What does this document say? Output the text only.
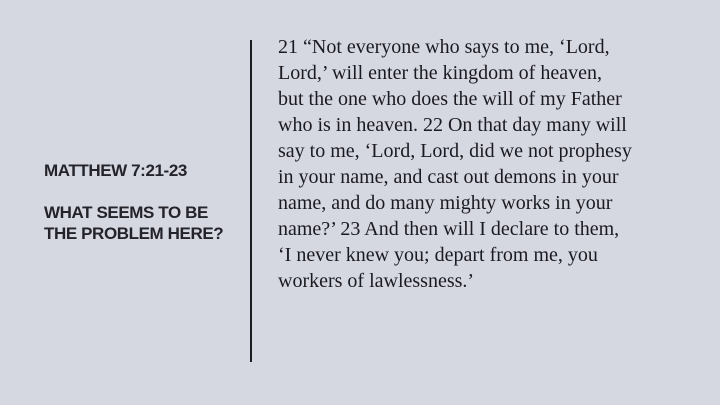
MATTHEW 7:21-23
WHAT SEEMS TO BE
THE PROBLEM HERE?
21 “Not everyone who says to me, ‘Lord,
Lord,’ will enter the kingdom of heaven,
but the one who does the will of my Father
who is in heaven. 22 On that day many will
say to me, ‘Lord, Lord, did we not prophesy
in your name, and cast out demons in your
name, and do many mighty works in your
name?’ 23 And then will I declare to them,
‘I never knew you; depart from me, you
workers of lawlessness.’
